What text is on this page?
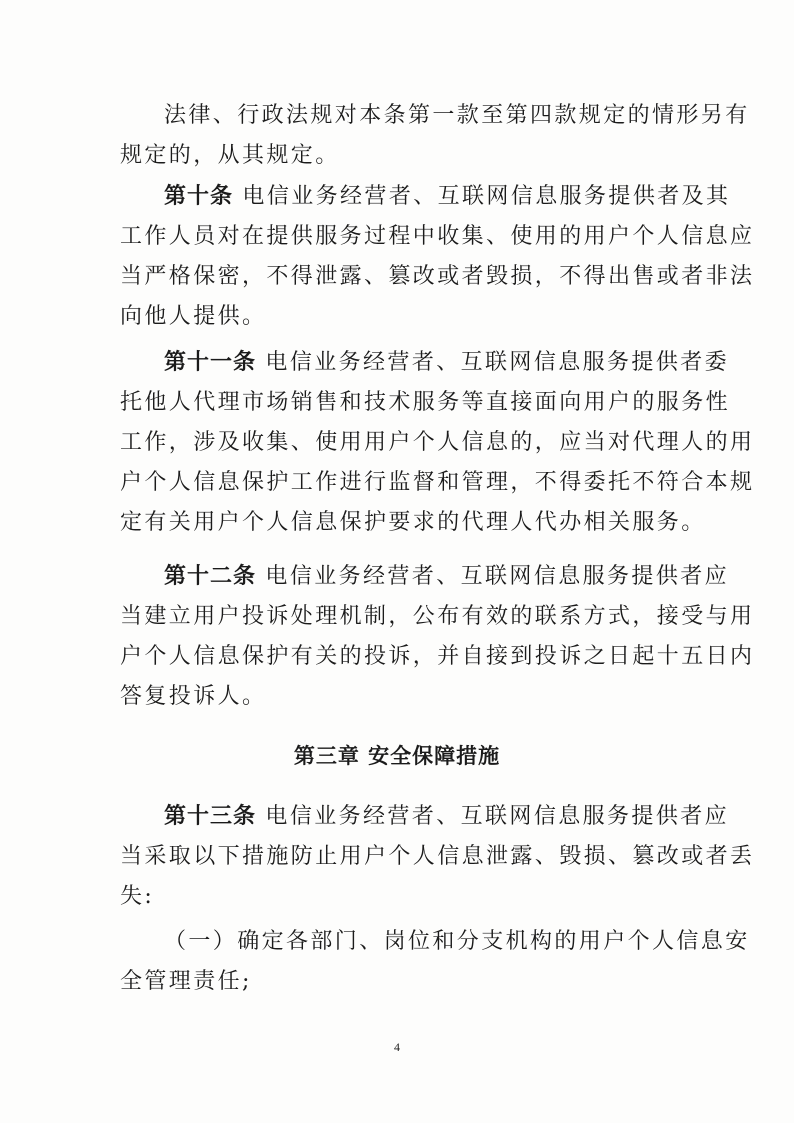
法律、行政法规对本条第一款至第四款规定的情形另有
规定的，从其规定。
第十条 电信业务经营者、互联网信息服务提供者及其
工作人员对在提供服务过程中收集、使用的用户个人信息应
当严格保密，不得泄露、篡改或者毁损，不得出售或者非法
向他人提供。
第十一条 电信业务经营者、互联网信息服务提供者委
托他人代理市场销售和技术服务等直接面向用户的服务性
工作，涉及收集、使用用户个人信息的，应当对代理人的用
户个人信息保护工作进行监督和管理，不得委托不符合本规
定有关用户个人信息保护要求的代理人代办相关服务。
第十二条 电信业务经营者、互联网信息服务提供者应
当建立用户投诉处理机制，公布有效的联系方式，接受与用
户个人信息保护有关的投诉，并自接到投诉之日起十五日内
答复投诉人。

第三章 安全保障措施

第十三条 电信业务经营者、互联网信息服务提供者应
当采取以下措施防止用户个人信息泄露、毁损、篡改或者丢
失:
（一）确定各部门、岗位和分支机构的用户个人信息安
全管理责任;
4
